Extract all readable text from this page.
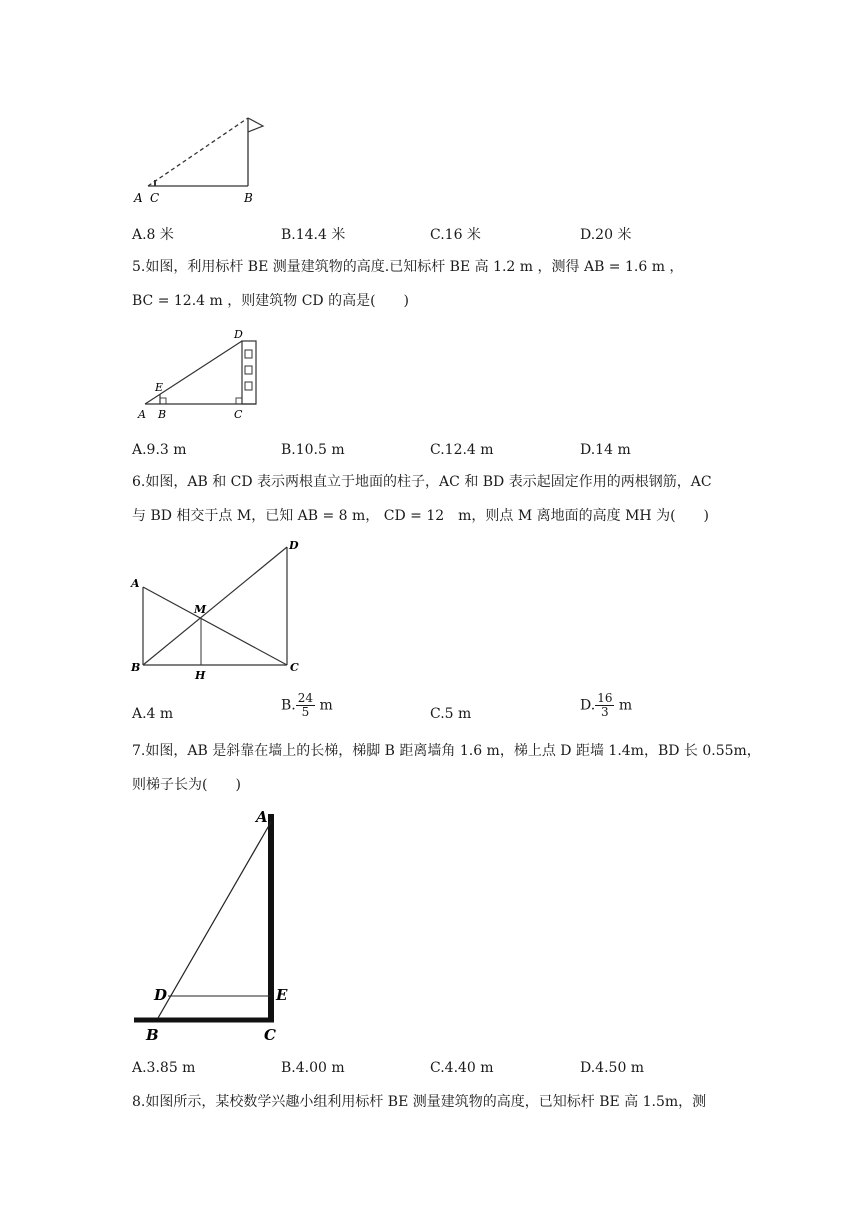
A C	B
A.8 米	B.14.4 米	C.16 米	D.20 米
5.如图，利用标杆 BE 测量建筑物的高度.已知标杆 BE 高 1.2 m ，测得 AB = 1.6 m ，
BC = 12.4 m ，则建筑物 CD 的高是(　　)
D
E
A B	C
A.9.3 m	B.10.5 m	C.12.4 m	D.14 m
6.如图，AB 和 CD 表示两根直立于地面的柱子，AC 和 BD 表示起固定作用的两根钢筋，AC
与 BD 相交于点 M，已知 AB = 8 m， CD = 12　m，则点 M 离地面的高度 MH 为(　　)
A
B	C
D
M
H
A.4 m
B. $\frac{24}{5}$ m
C.5 m
D. $\frac{16}{3}$ m
7.如图，AB 是斜靠在墙上的长梯，梯脚 B 距离墙角 1.6 m，梯上点 D 距墙 1.4m，BD 长 0.55m，
则梯子长为(　　)
A
D	E
B	C
A.3.85 m	B.4.00 m	C.4.40 m	D.4.50 m
8.如图所示，某校数学兴趣小组利用标杆 BE 测量建筑物的高度，已知标杆 BE 高 1.5m，测
